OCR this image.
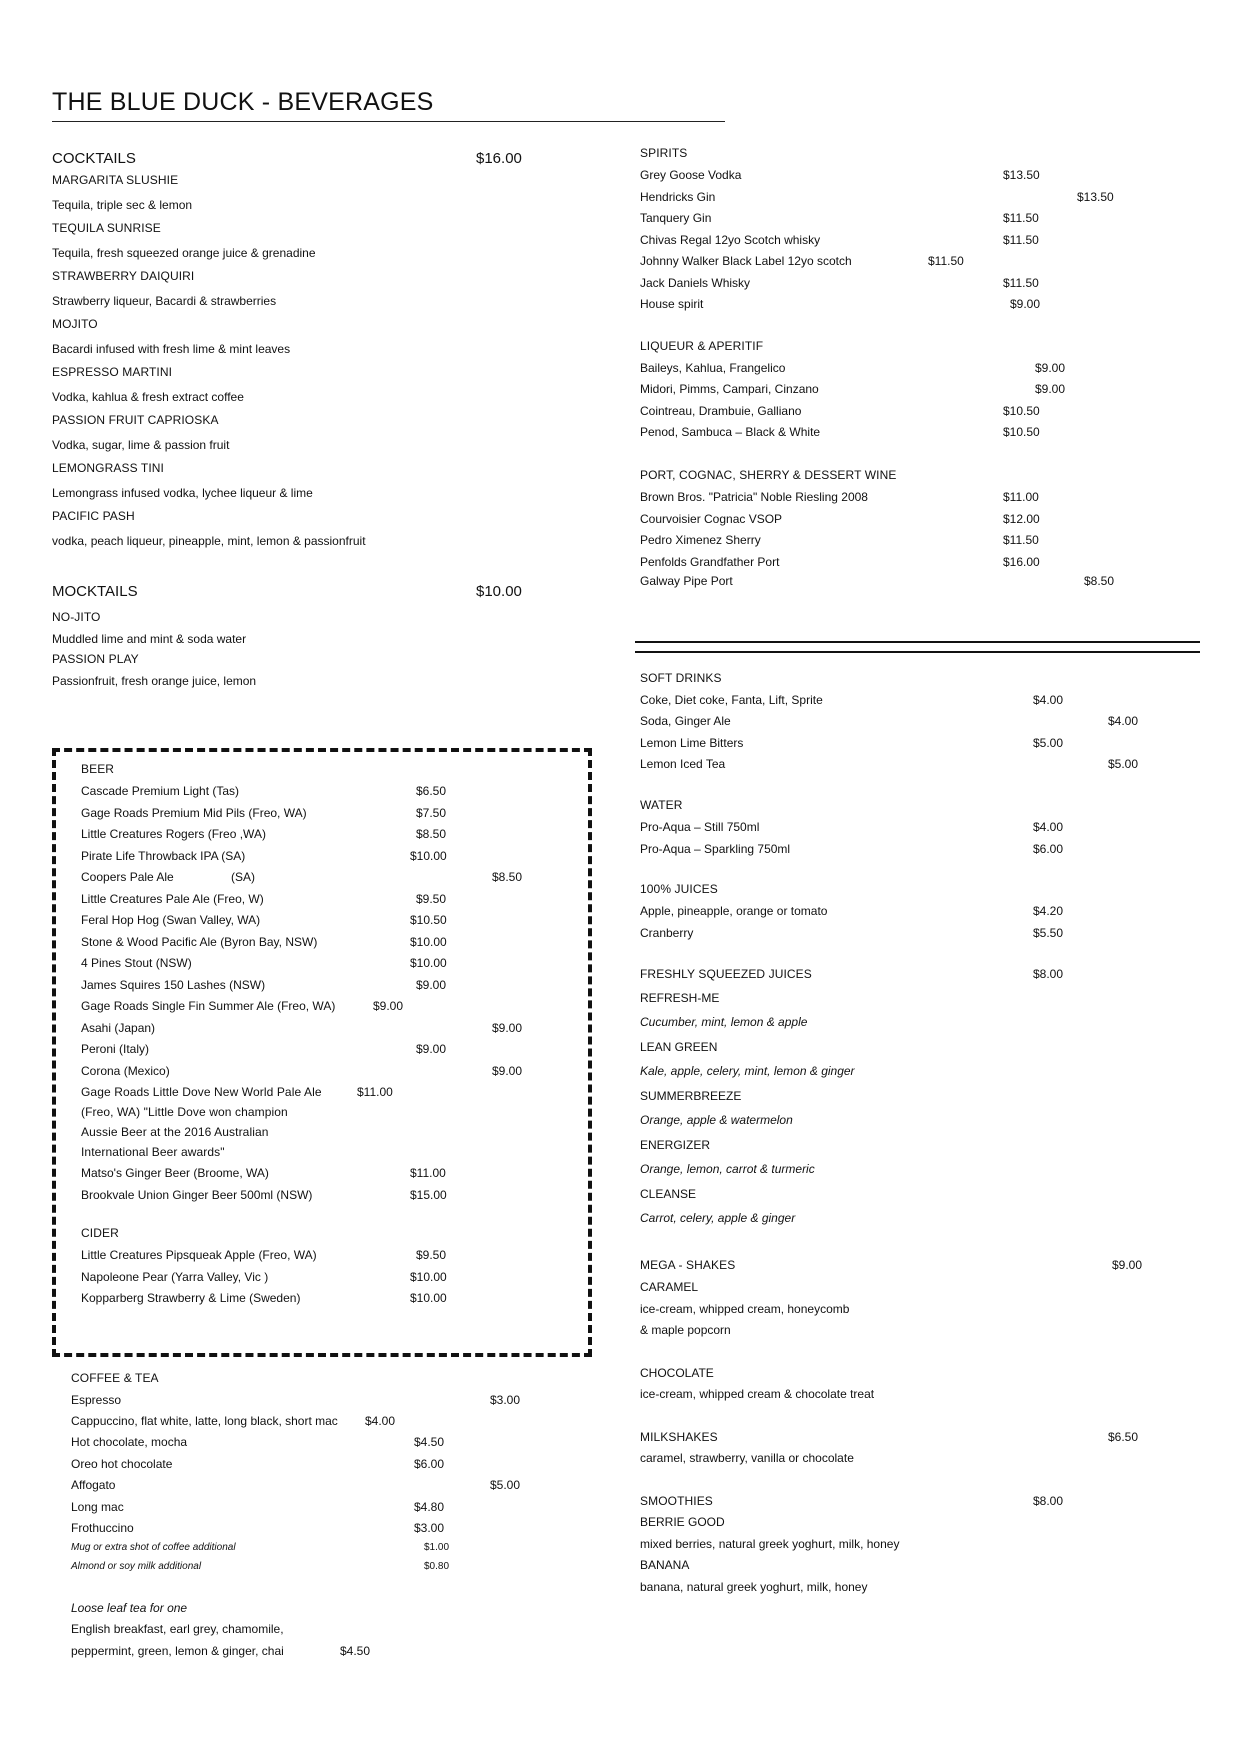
THE BLUE DUCK - BEVERAGES
COCKTAILS	$16.00
MARGARITA SLUSHIE
Tequila, triple sec & lemon
TEQUILA SUNRISE
Tequila, fresh squeezed orange juice & grenadine
STRAWBERRY DAIQUIRI
Strawberry liqueur, Bacardi & strawberries
MOJITO
Bacardi infused with fresh lime & mint leaves
ESPRESSO MARTINI
Vodka, kahlua & fresh extract coffee
PASSION FRUIT CAPRIOSKA
Vodka, sugar, lime & passion fruit
LEMONGRASS TINI
Lemongrass infused vodka, lychee liqueur & lime
PACIFIC PASH
vodka, peach liqueur, pineapple, mint, lemon & passionfruit
MOCKTAILS	$10.00
NO-JITO
Muddled lime and mint & soda water
PASSION PLAY
Passionfruit, fresh orange juice, lemon
BEER
Cascade Premium Light (Tas)	$6.50
Gage Roads Premium Mid Pils (Freo, WA)	$7.50
Little Creatures Rogers (Freo ,WA)	$8.50
Pirate Life Throwback IPA (SA)	$10.00
Coopers Pale Ale	(SA)	$8.50
Little Creatures Pale Ale (Freo, W)	$9.50
Feral Hop Hog (Swan Valley, WA)	$10.50
Stone & Wood Pacific Ale (Byron Bay, NSW)	$10.00
4 Pines Stout (NSW)	$10.00
James Squires 150 Lashes (NSW)	$9.00
Gage Roads Single Fin Summer Ale (Freo, WA)	$9.00
Asahi (Japan)	$9.00
Peroni (Italy)	$9.00
Corona (Mexico)	$9.00
Gage Roads Little Dove New World Pale Ale	$11.00
(Freo, WA) "Little Dove won champion
Aussie Beer at the 2016 Australian
International Beer awards"
Matso's Ginger Beer (Broome, WA)	$11.00
Brookvale Union Ginger Beer 500ml (NSW)	$15.00
CIDER
Little Creatures Pipsqueak Apple (Freo, WA)	$9.50
Napoleone Pear (Yarra Valley, Vic )	$10.00
Kopparberg Strawberry & Lime (Sweden)	$10.00
COFFEE & TEA
Espresso	$3.00
Cappuccino, flat white, latte, long black, short mac $4.00
Hot chocolate, mocha	$4.50
Oreo hot chocolate	$6.00
Affogato	$5.00
Long mac	$4.80
Frothuccino	$3.00
Mug or extra shot of coffee additional	$1.00
Almond or soy milk additional	$0.80
Loose leaf tea for one
English breakfast, earl grey, chamomile,
peppermint, green, lemon & ginger, chai	$4.50
SPIRITS
Grey Goose Vodka	$13.50
Hendricks Gin	$13.50
Tanquery Gin	$11.50
Chivas Regal 12yo Scotch whisky	$11.50
Johnny Walker Black Label 12yo scotch	$11.50
Jack Daniels Whisky	$11.50
House spirit	$9.00
LIQUEUR & APERITIF
Baileys, Kahlua, Frangelico	$9.00
Midori, Pimms, Campari, Cinzano	$9.00
Cointreau, Drambuie, Galliano	$10.50
Penod, Sambuca – Black & White	$10.50
PORT, COGNAC, SHERRY & DESSERT WINE
Brown Bros. "Patricia" Noble Riesling 2008	$11.00
Courvoisier Cognac VSOP	$12.00
Pedro Ximenez Sherry	$11.50
Penfolds Grandfather Port	$16.00
Galway Pipe Port	$8.50
SOFT DRINKS
Coke, Diet coke, Fanta, Lift, Sprite	$4.00
Soda, Ginger Ale	$4.00
Lemon Lime Bitters	$5.00
Lemon Iced Tea	$5.00
WATER
Pro-Aqua – Still 750ml	$4.00
Pro-Aqua – Sparkling 750ml	$6.00
100% JUICES
Apple, pineapple, orange or tomato	$4.20
Cranberry	$5.50
FRESHLY SQUEEZED JUICES	$8.00
REFRESH-ME
Cucumber, mint, lemon & apple
LEAN GREEN
Kale, apple, celery, mint, lemon & ginger
SUMMERBREEZE
Orange, apple & watermelon
ENERGIZER
Orange, lemon, carrot & turmeric
CLEANSE
Carrot, celery, apple & ginger
MEGA - SHAKES	$9.00
CARAMEL
ice-cream, whipped cream, honeycomb
& maple popcorn
CHOCOLATE
ice-cream, whipped cream & chocolate treat
MILKSHAKES	$6.50
caramel, strawberry, vanilla or chocolate
SMOOTHIES	$8.00
BERRIE GOOD
mixed berries, natural greek yoghurt, milk, honey
BANANA
banana, natural greek yoghurt, milk, honey
